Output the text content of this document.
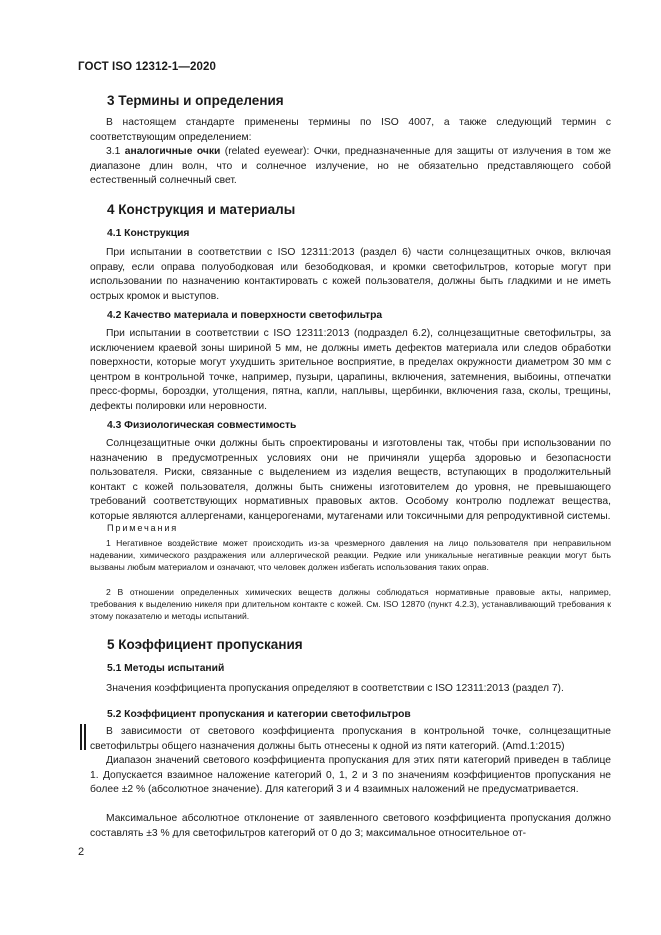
ГОСТ ISO 12312-1—2020
3 Термины и определения

В настоящем стандарте применены термины по ISO 4007, а также следующий термин с соответствующим определением:

3.1 аналогичные очки (related eyewear): Очки, предназначенные для защиты от излучения в том же диапазоне длин волн, что и солнечное излучение, но не обязательно представляющего собой естественный солнечный свет.

4 Конструкция и материалы
4.1 Конструкция

При испытании в соответствии с ISO 12311:2013 (раздел 6) части солнцезащитных очков, включая оправу, если оправа полуободковая или безободковая, и кромки светофильтров, которые могут при использовании по назначению контактировать с кожей пользователя, должны быть гладкими и не иметь острых кромок и выступов.

4.2 Качество материала и поверхности светофильтра

При испытании в соответствии с ISO 12311:2013 (подраздел 6.2), солнцезащитные светофильтры, за исключением краевой зоны шириной 5 мм, не должны иметь дефектов материала или следов обработки поверхности, которые могут ухудшить зрительное восприятие, в пределах окружности диаметром 30 мм с центром в контрольной точке, например, пузыри, царапины, включения, затемнения, выбоины, отпечатки пресс-формы, бороздки, утолщения, пятна, капли, наплывы, щербинки, включения газа, сколы, трещины, дефекты полировки или неровности.

4.3 Физиологическая совместимость

Солнцезащитные очки должны быть спроектированы и изготовлены так, чтобы при использовании по назначению в предусмотренных условиях они не причиняли ущерба здоровью и безопасности пользователя. Риски, связанные с выделением из изделия веществ, вступающих в продолжительный контакт с кожей пользователя, должны быть снижены изготовителем до уровня, не превышающего требований соответствующих нормативных правовых актов. Особому контролю подлежат вещества, которые являются аллергенами, канцерогенами, мутагенами или токсичными для репродуктивной системы.

Примечания

1 Негативное воздействие может происходить из-за чрезмерного давления на лицо пользователя при неправильном надевании, химического раздражения или аллергической реакции. Редкие или уникальные негативные реакции могут быть вызваны любым материалом и означают, что человек должен избегать использования таких оправ.

2 В отношении определенных химических веществ должны соблюдаться нормативные правовые акты, например, требования к выделению никеля при длительном контакте с кожей. См. ISO 12870 (пункт 4.2.3), устанавливающий требования к этому показателю и методы испытаний.

5 Коэффициент пропускания
5.1 Методы испытаний

Значения коэффициента пропускания определяют в соответствии с ISO 12311:2013 (раздел 7).

5.2 Коэффициент пропускания и категории светофильтров

В зависимости от светового коэффициента пропускания в контрольной точке, солнцезащитные светофильтры общего назначения должны быть отнесены к одной из пяти категорий. (Amd.1:2015)

Диапазон значений светового коэффициента пропускания для этих пяти категорий приведен в таблице 1. Допускается взаимное наложение категорий 0, 1, 2 и 3 по значениям коэффициентов пропускания не более ±2 % (абсолютное значение). Для категорий 3 и 4 взаимных наложений не предусматривается.

Максимальное абсолютное отклонение от заявленного светового коэффициента пропускания должно составлять ±3 % для светофильтров категорий от 0 до 3; максимальное относительное от-

2
